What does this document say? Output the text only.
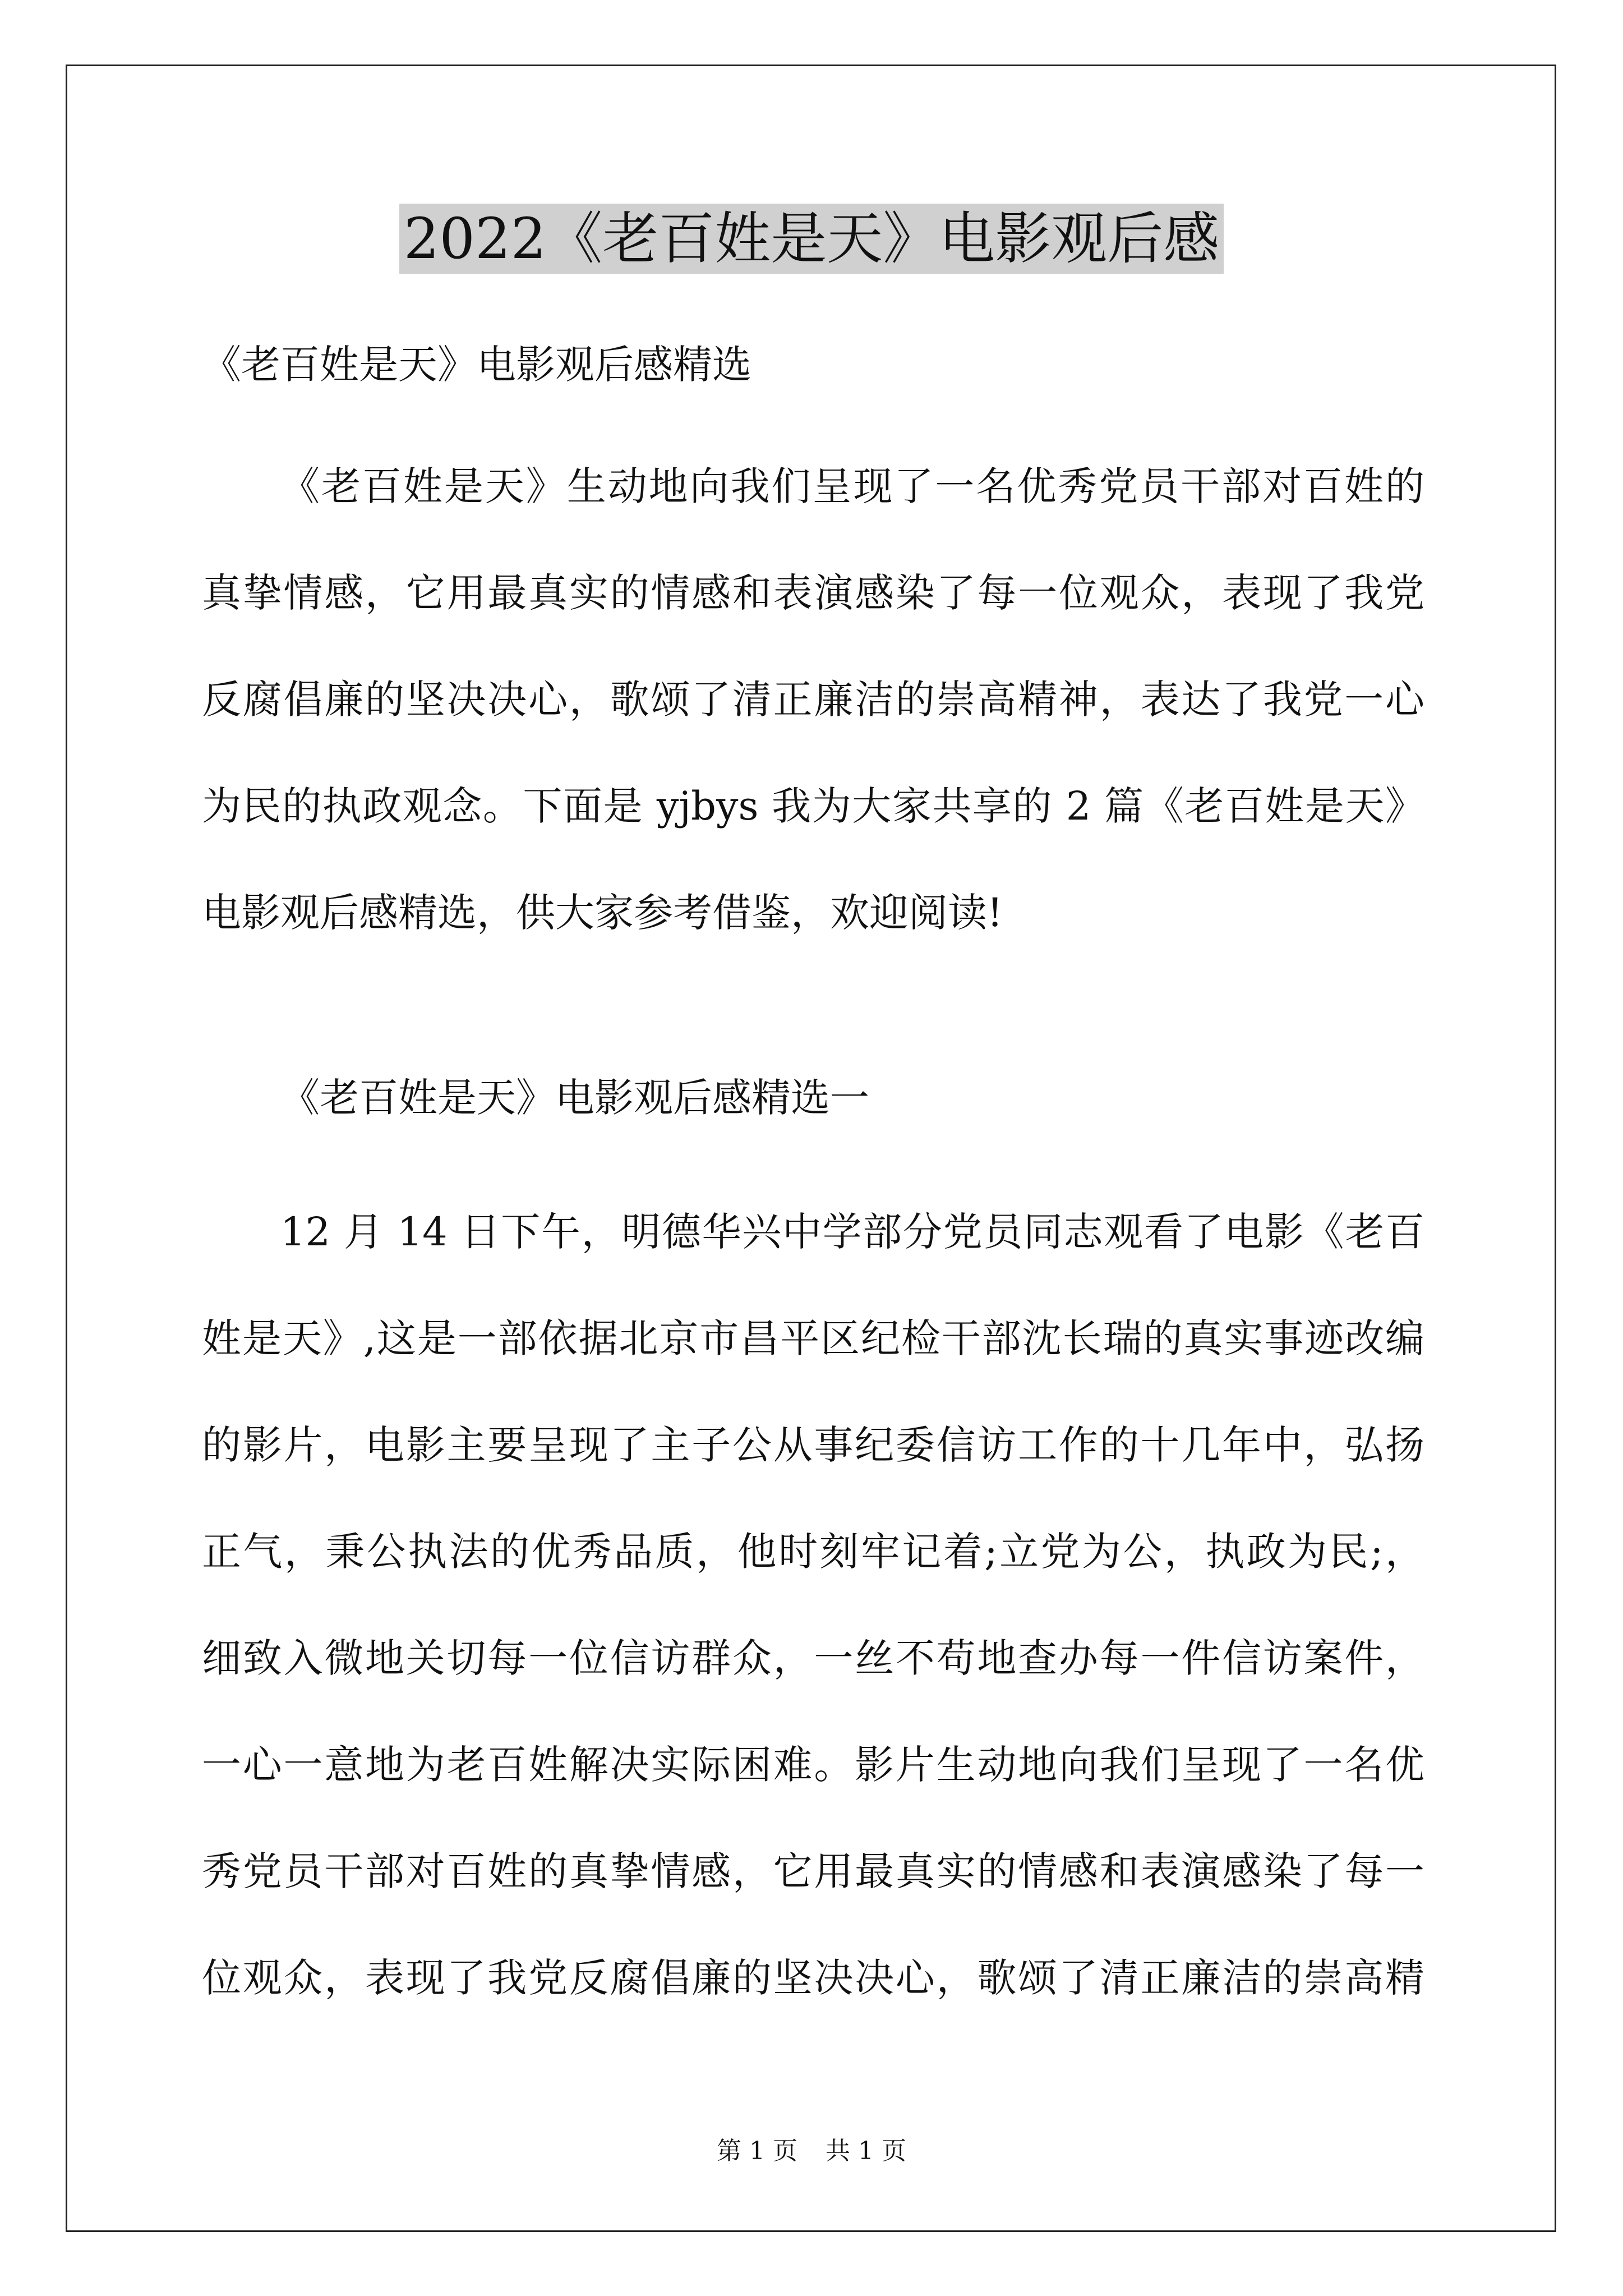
2022《老百姓是天》电影观后感
《老百姓是天》电影观后感精选
《老百姓是天》生动地向我们呈现了一名优秀党员干部对百姓的
真挚情感，它用最真实的情感和表演感染了每一位观众，表现了我党
反腐倡廉的坚决决心，歌颂了清正廉洁的崇高精神，表达了我党一心
为民的执政观念。下面是 yjbys 我为大家共享的 2 篇《老百姓是天》
电影观后感精选，供大家参考借鉴，欢迎阅读!
《老百姓是天》电影观后感精选一
12 月 14 日下午，明德华兴中学部分党员同志观看了电影《老百
姓是天》,这是一部依据北京市昌平区纪检干部沈长瑞的真实事迹改编
的影片，电影主要呈现了主子公从事纪委信访工作的十几年中，弘扬
正气，秉公执法的优秀品质，他时刻牢记着;立党为公，执政为民;，
细致入微地关切每一位信访群众，一丝不苟地查办每一件信访案件，
一心一意地为老百姓解决实际困难。影片生动地向我们呈现了一名优
秀党员干部对百姓的真挚情感，它用最真实的情感和表演感染了每一
位观众，表现了我党反腐倡廉的坚决决心，歌颂了清正廉洁的崇高精
第 1 页 共 1 页
